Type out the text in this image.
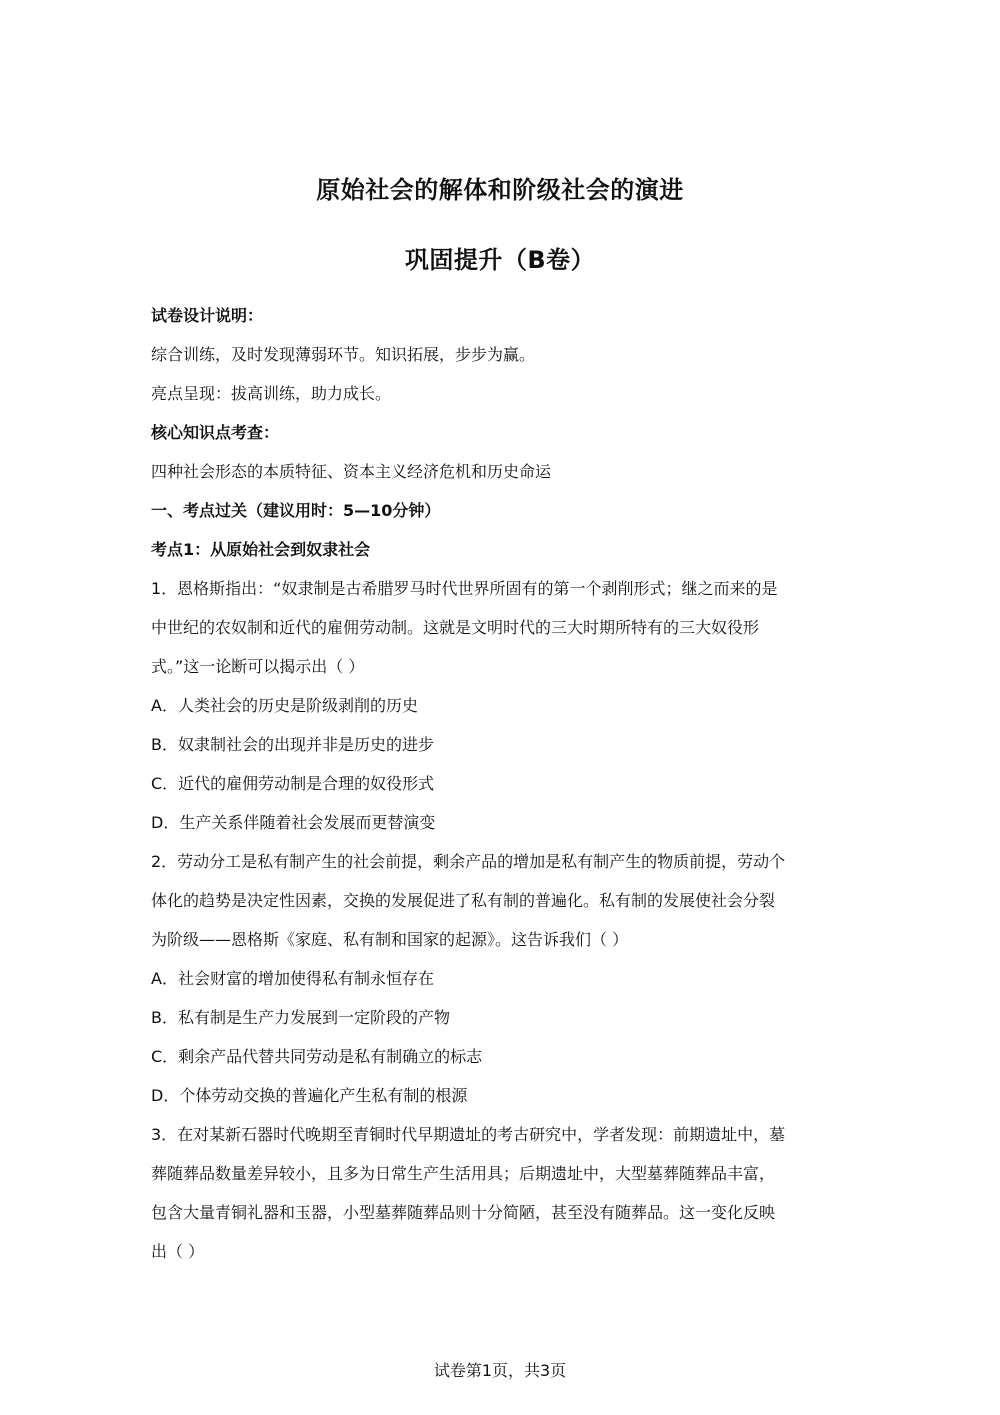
原始社会的解体和阶级社会的演进
巩固提升（B卷）
试卷设计说明：
综合训练，及时发现薄弱环节。知识拓展，步步为赢。
亮点呈现：拔高训练，助力成长。
核心知识点考查：
四种社会形态的本质特征、资本主义经济危机和历史命运
一、考点过关（建议用时：5—10分钟）
考点1：从原始社会到奴隶社会
1．恩格斯指出：“奴隶制是古希腊罗马时代世界所固有的第一个剥削形式；继之而来的是
中世纪的农奴制和近代的雇佣劳动制。这就是文明时代的三大时期所特有的三大奴役形
式。”这一论断可以揭示出（ ）
A．人类社会的历史是阶级剥削的历史
B．奴隶制社会的出现并非是历史的进步
C．近代的雇佣劳动制是合理的奴役形式
D．生产关系伴随着社会发展而更替演变
2．劳动分工是私有制产生的社会前提，剩余产品的增加是私有制产生的物质前提，劳动个
体化的趋势是决定性因素，交换的发展促进了私有制的普遍化。私有制的发展使社会分裂
为阶级——恩格斯《家庭、私有制和国家的起源》。这告诉我们（ ）
A．社会财富的增加使得私有制永恒存在
B．私有制是生产力发展到一定阶段的产物
C．剩余产品代替共同劳动是私有制确立的标志
D．个体劳动交换的普遍化产生私有制的根源
3．在对某新石器时代晚期至青铜时代早期遗址的考古研究中，学者发现：前期遗址中，墓
葬随葬品数量差异较小，且多为日常生产生活用具；后期遗址中，大型墓葬随葬品丰富，
包含大量青铜礼器和玉器，小型墓葬随葬品则十分简陋，甚至没有随葬品。这一变化反映
出（ ）
试卷第1页，共3页
